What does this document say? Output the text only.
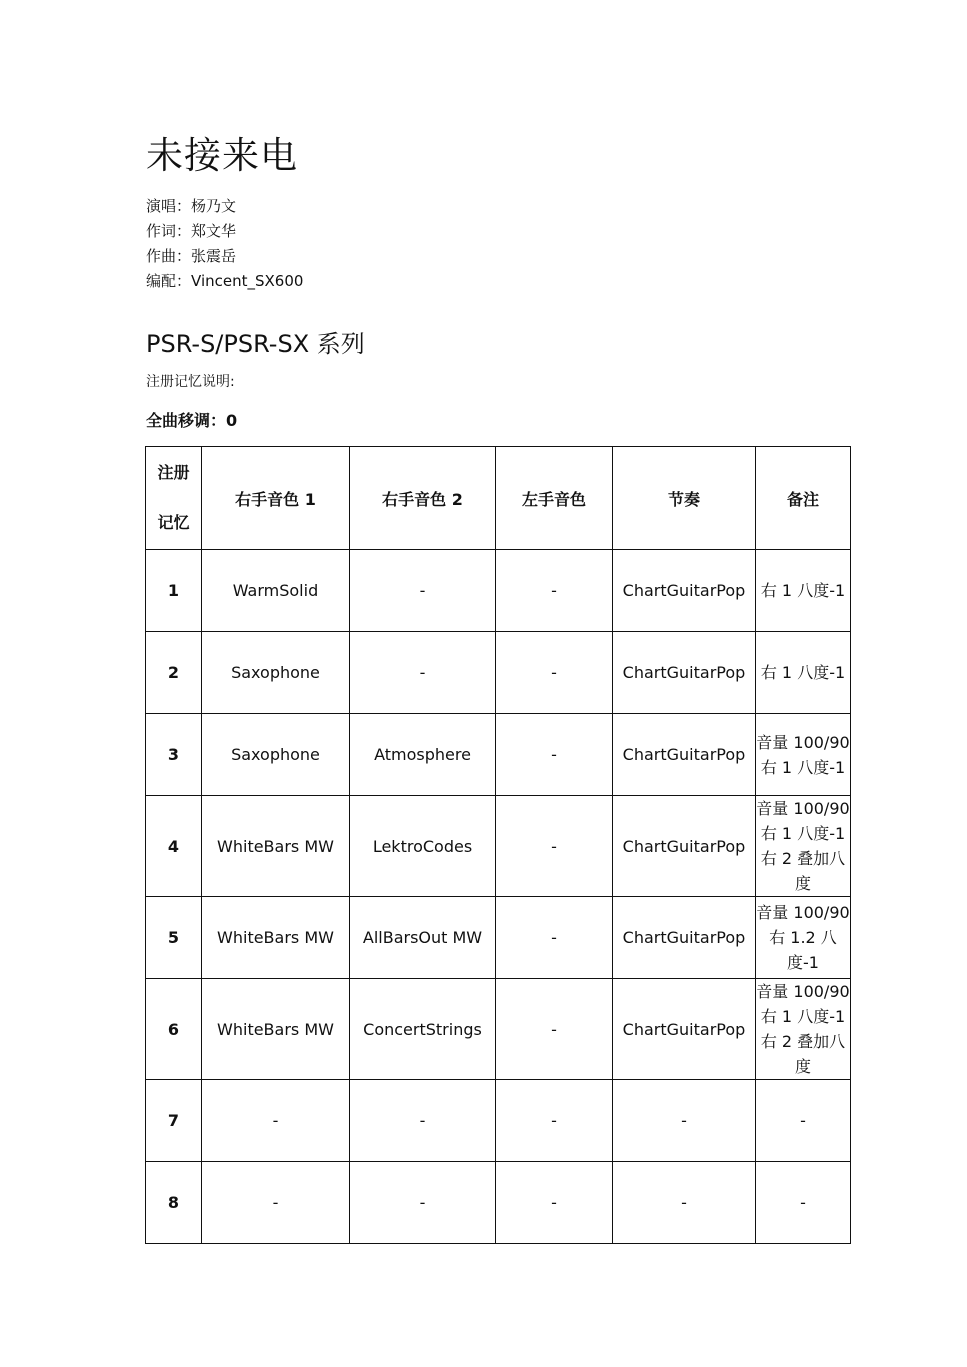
未接来电
演唱：杨乃文
作词：郑文华
作曲：张震岳
编配：Vincent_SX600
PSR-S/PSR-SX 系列
注册记忆说明:
全曲移调：0
注册
记忆	右手音色 1	右手音色 2	左手音色	节奏	备注
1	WarmSolid	-	-	ChartGuitarPop	右 1 八度-1

2	Saxophone	-	-	ChartGuitarPop	右 1 八度-1

3	Saxophone	Atmosphere	-	ChartGuitarPop	音量 100/90
右 1 八度-1

4	WhiteBars MW	LektroCodes	-	ChartGuitarPop	音量 100/90
右 1 八度-1
右 2 叠加八度

5	WhiteBars MW	AllBarsOut MW	-	ChartGuitarPop	音量 100/90
右 1.2 八度-1

6	WhiteBars MW	ConcertStrings	-	ChartGuitarPop	音量 100/90
右 1 八度-1
右 2 叠加八度

7	-	-	-	-	-

8	-	-	-	-	-
